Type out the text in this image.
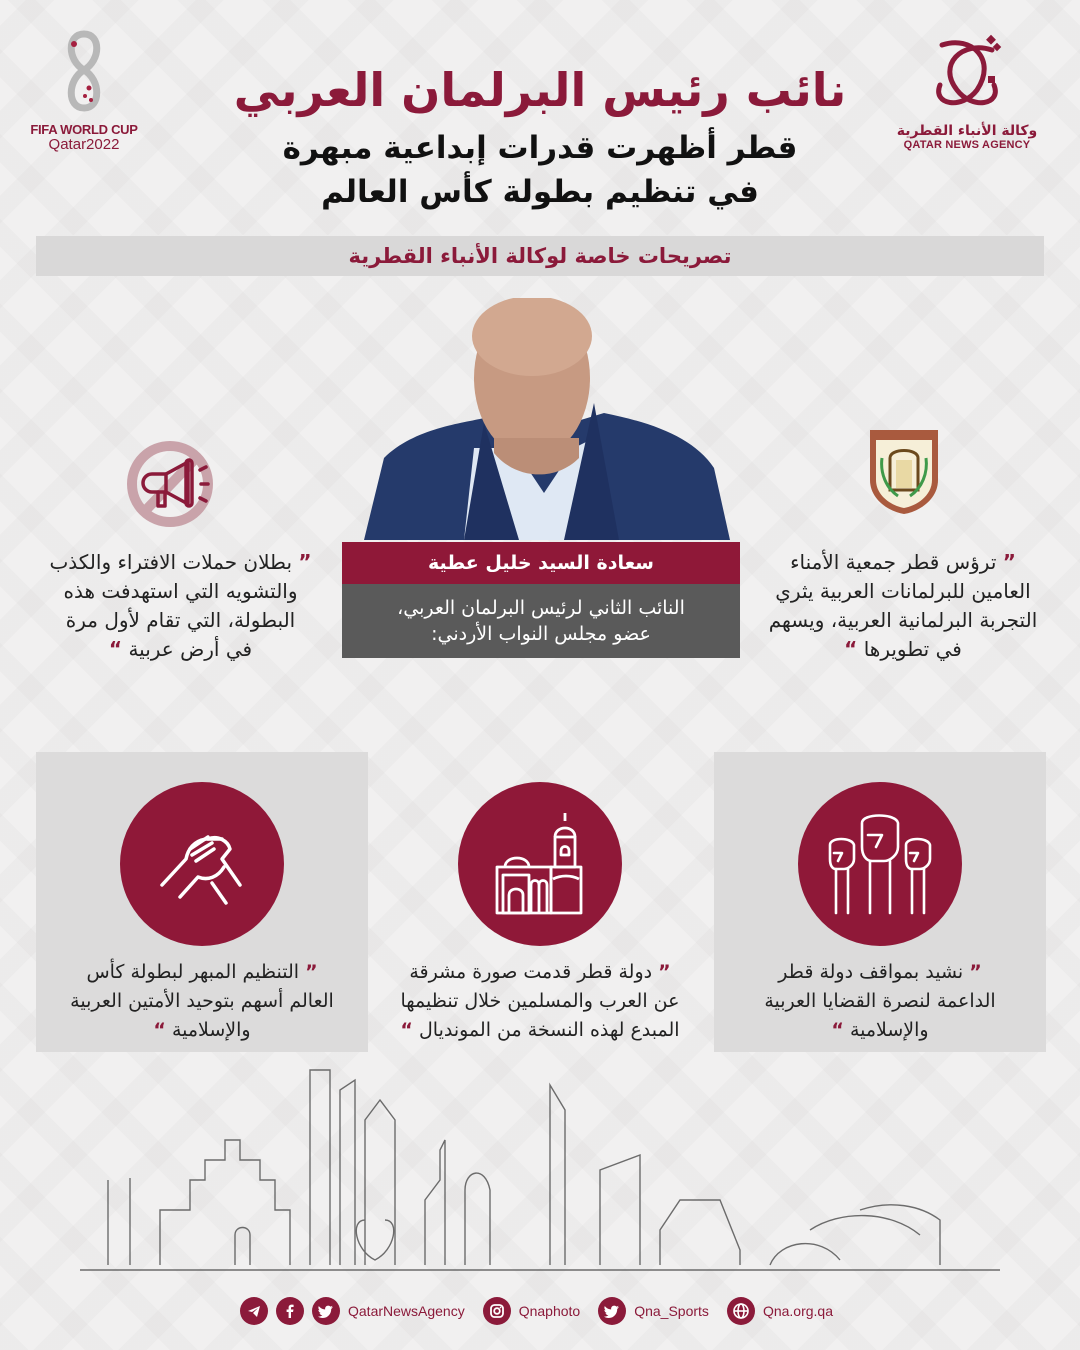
FIFA WORLD CUP
Qatar2022
وكالة الأنباء القطرية
QATAR NEWS AGENCY
نائب رئيس البرلمان العربي
قطر أظهرت قدرات إبداعية مبهرة
في تنظيم بطولة كأس العالم
تصريحات خاصة لوكالة الأنباء القطرية
سعادة السيد خليل عطية
النائب الثاني لرئيس البرلمان العربي،
عضو مجلس النواب الأردني:
” بطلان حملات الافتراء والكذب
والتشويه التي استهدفت هذه
البطولة، التي تقام لأول مرة
في أرض عربية “
” ترؤس قطر جمعية الأمناء
العامين للبرلمانات العربية يثري
التجربة البرلمانية العربية، ويسهم
في تطويرها “
” التنظيم المبهر لبطولة كأس
العالم أسهم بتوحيد الأمتين العربية
والإسلامية “
” دولة قطر قدمت صورة مشرقة
عن العرب والمسلمين خلال تنظيمها
المبدع لهذه النسخة من المونديال “
” نشيد بمواقف دولة قطر
الداعمة لنصرة القضايا العربية
والإسلامية “
QatarNewsAgency	Qnaphoto	Qna_Sports	Qna.org.qa
